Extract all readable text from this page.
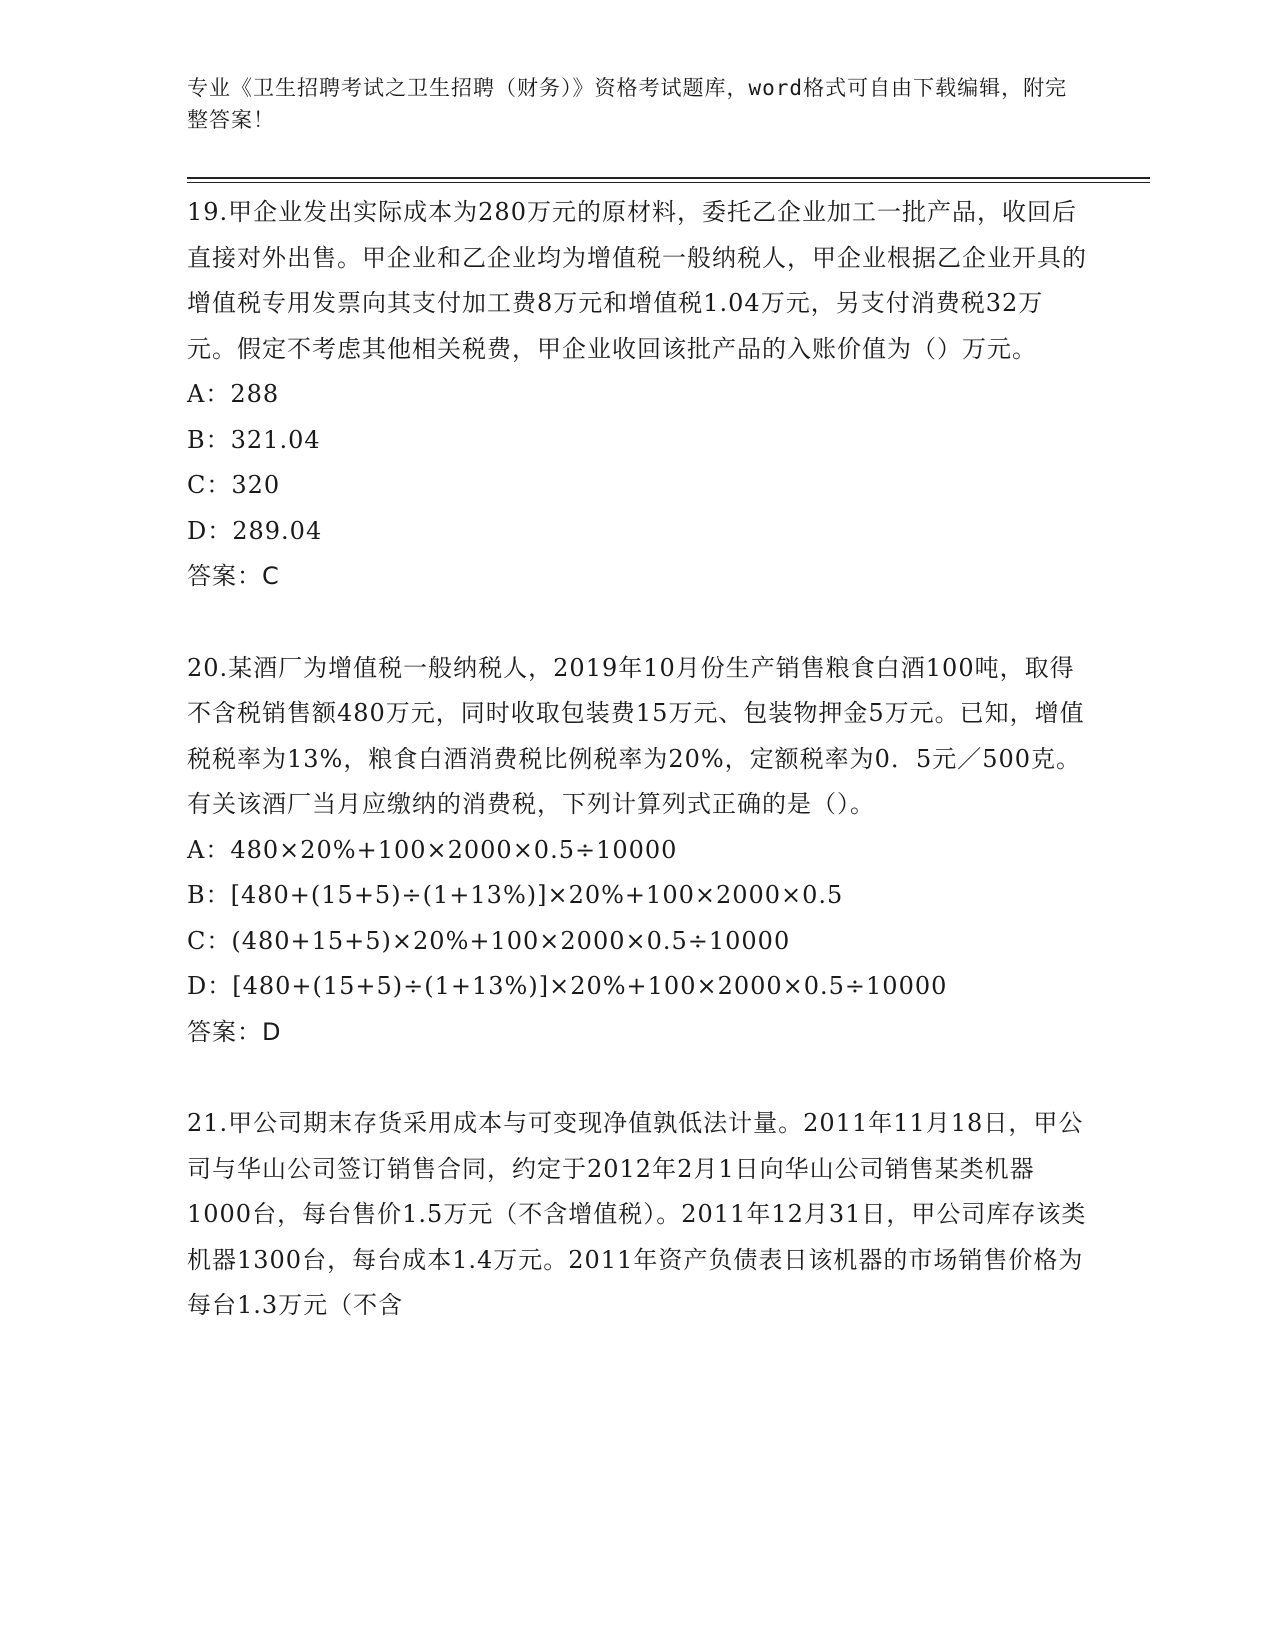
专业《卫生招聘考试之卫生招聘（财务）》资格考试题库，word格式可自由下载编辑，附完整答案！

19.甲企业发出实际成本为280万元的原材料，委托乙企业加工一批产品，收回后直接对外出售。甲企业和乙企业均为增值税一般纳税人，甲企业根据乙企业开具的增值税专用发票向其支付加工费8万元和增值税1.04万元，另支付消费税32万元。假定不考虑其他相关税费，甲企业收回该批产品的入账价值为（）万元。

A：288

B：321.04

C：320

D：289.04

答案：C

20.某酒厂为增值税一般纳税人，2019年10月份生产销售粮食白酒100吨，取得不含税销售额480万元，同时收取包装费15万元、包装物押金5万元。已知，增值税税率为13%，粮食白酒消费税比例税率为20%，定额税率为0．5元／500克。有关该酒厂当月应缴纳的消费税，下列计算列式正确的是（）。

A：480×20%+100×2000×0.5÷10000

B：[480+(15+5)÷(1+13%)]×20%+100×2000×0.5

C：(480+15+5)×20%+100×2000×0.5÷10000

D：[480+(15+5)÷(1+13%)]×20%+100×2000×0.5÷10000

答案：D

21.甲公司期末存货采用成本与可变现净值孰低法计量。2011年11月18日，甲公司与华山公司签订销售合同，约定于2012年2月1日向华山公司销售某类机器1000台，每台售价1.5万元（不含增值税）。2011年12月31日，甲公司库存该类机器1300台，每台成本1.4万元。2011年资产负债表日该机器的市场销售价格为每台1.3万元（不含
